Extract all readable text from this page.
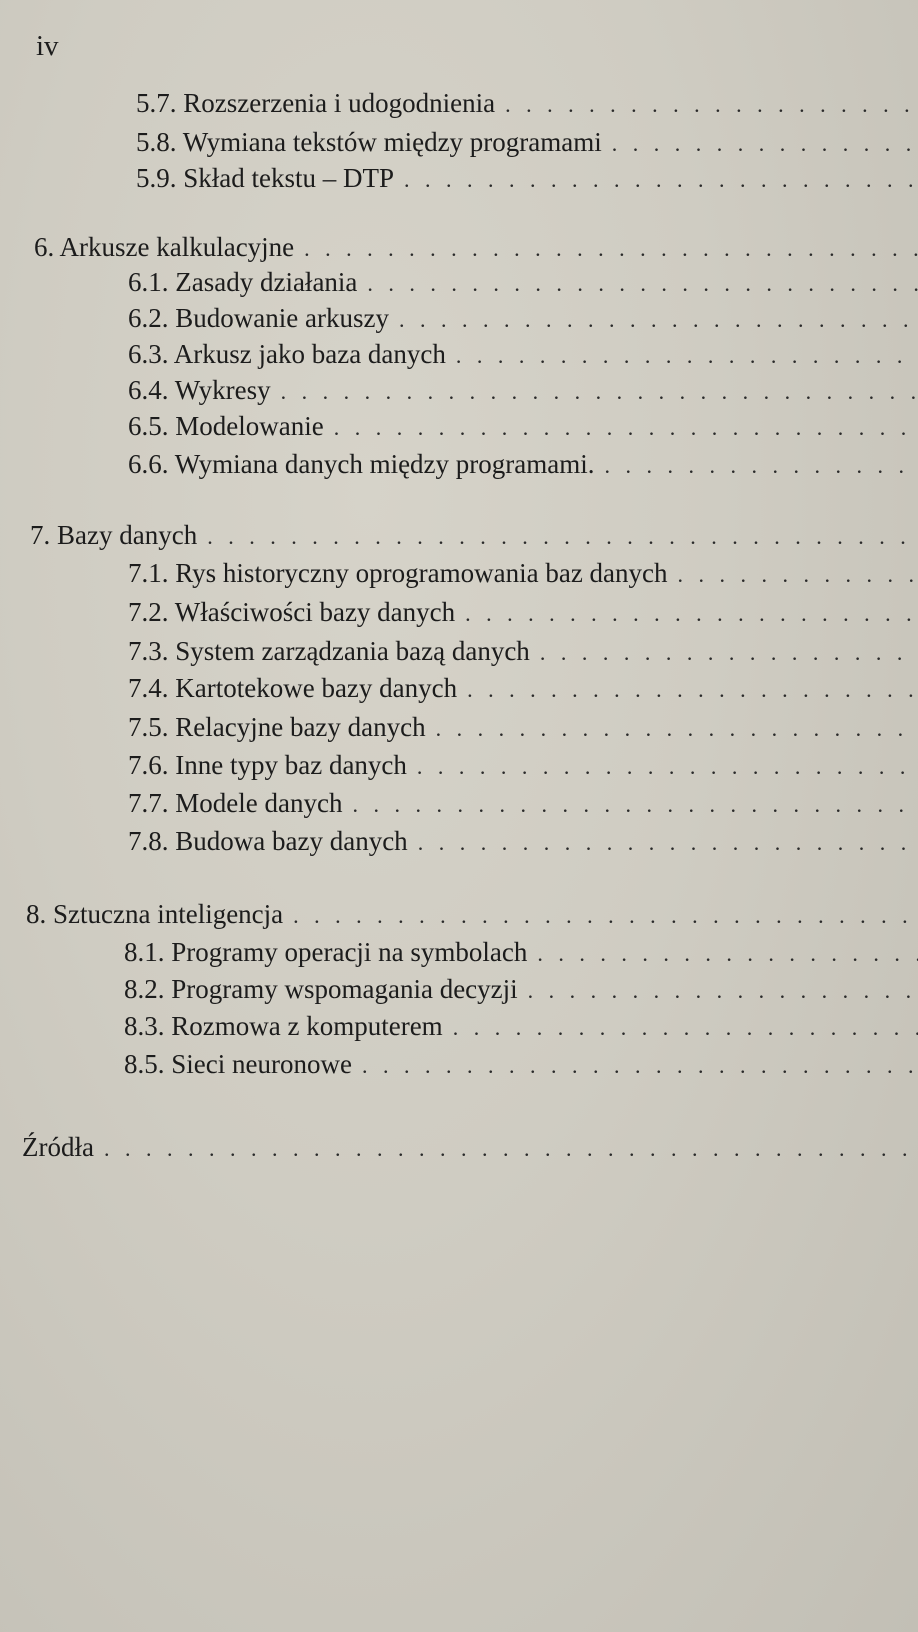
iv
5.7. Rozszerzenia i udogodnienia
. . .
5.8. Wymiana tekstów między programami
. . .
5.9. Skład tekstu – DTP
. . .
6. Arkusze kalkulacyjne
. . .
6.1. Zasady działania
. . .
6.2. Budowanie arkuszy
. . .
6.3. Arkusz jako baza danych
. . .
6.4. Wykresy
. . .
6.5. Modelowanie
. . .
6.6. Wymiana danych między programami.
. . .
7. Bazy danych
. . .
7.1. Rys historyczny oprogramowania baz danych
. . .
7.2. Właściwości bazy danych
. . .
7.3. System zarządzania bazą danych
. . .
7.4. Kartotekowe bazy danych
. . .
7.5. Relacyjne bazy danych
. . .
7.6. Inne typy baz danych
. . .
7.7. Modele danych
. . .
7.8. Budowa bazy danych
. . .
8. Sztuczna inteligencja
. . .
8.1. Programy operacji na symbolach
. . .
8.2. Programy wspomagania decyzji
. . .
8.3. Rozmowa z komputerem
. . .
8.5. Sieci neuronowe
. . .
Źródła
. . .
